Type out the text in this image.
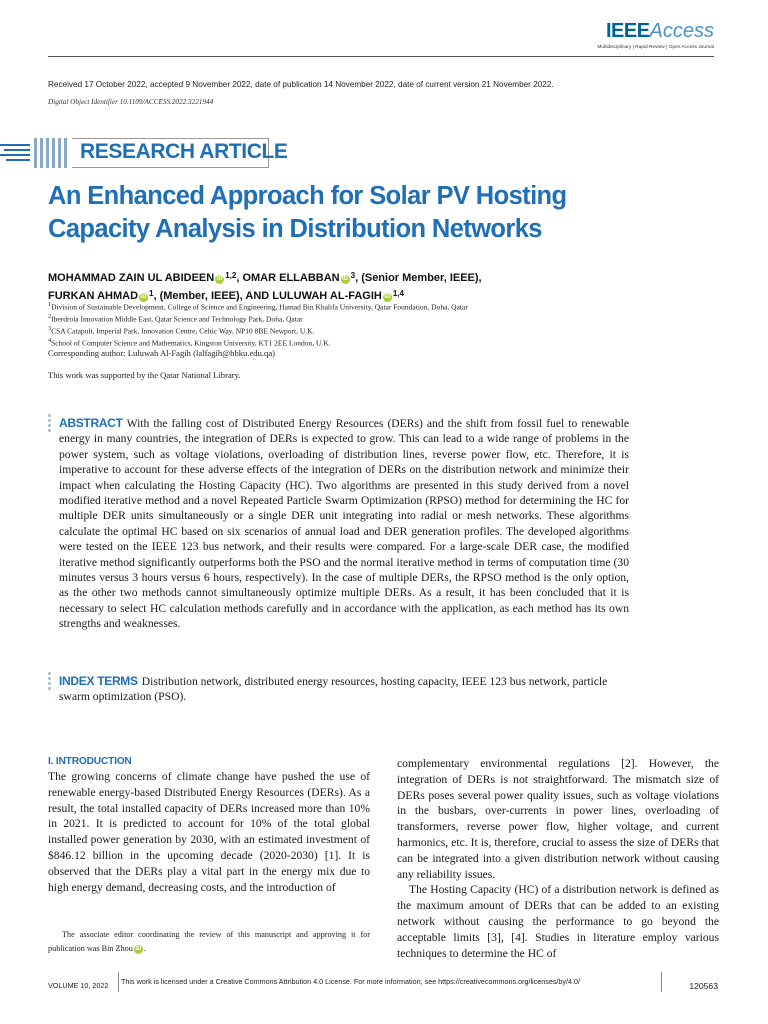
IEEEAccess
Multidisciplinary | Rapid Review | Open Access Journal
Received 17 October 2022, accepted 9 November 2022, date of publication 14 November 2022, date of current version 21 November 2022.
Digital Object Identifier 10.1109/ACCESS.2022.3221944
RESEARCH ARTICLE
An Enhanced Approach for Solar PV Hosting
Capacity Analysis in Distribution Networks
MOHAMMAD ZAIN UL ABIDEEN iD $^{1,2}$, OMAR ELLABBAN iD $^3$, (Senior Member, IEEE),
FURKAN AHMAD iD $^1$, (Member, IEEE), AND LULUWAH AL-FAGIH iD $^{1,4}$
$^1$Division of Sustainable Development, College of Science and Engineering, Hamad Bin Khalifa University, Qatar Foundation, Doha, Qatar
$^2$Iberdrola Innovation Middle East, Qatar Science and Technology Park, Doha, Qatar
$^3$CSA Catapult, Imperial Park, Innovation Centre, Celtic Way, NP10 8BE Newport, U.K.
$^4$School of Computer Science and Mathematics, Kingston University, KT1 2EE London, U.K.
Corresponding author: Luluwah Al-Fagih (lalfagih@hbku.edu.qa)
This work was supported by the Qatar National Library.
ABSTRACT With the falling cost of Distributed Energy Resources (DERs) and the shift from fossil fuel to renewable energy in many countries, the integration of DERs is expected to grow. This can lead to a wide range of problems in the power system, such as voltage violations, overloading of distribution lines, reverse power flow, etc. Therefore, it is imperative to account for these adverse effects of the integration of DERs on the distribution network and minimize their impact when calculating the Hosting Capacity (HC). Two algorithms are presented in this study derived from a novel modified iterative method and a novel Repeated Particle Swarm Optimization (RPSO) method for determining the HC for multiple DER units simultaneously or a single DER unit integrating into radial or mesh networks. These algorithms calculate the optimal HC based on six scenarios of annual load and DER generation profiles. The developed algorithms were tested on the IEEE 123 bus network, and their results were compared. For a large-scale DER case, the modified iterative method significantly outperforms both the PSO and the normal iterative method in terms of computation time (30 minutes versus 3 hours versus 6 hours, respectively). In the case of multiple DERs, the RPSO method is the only option, as the other two methods cannot simultaneously optimize multiple DERs. As a result, it has been concluded that it is necessary to select HC calculation methods carefully and in accordance with the application, as each method has its own strengths and weaknesses.
INDEX TERMS Distribution network, distributed energy resources, hosting capacity, IEEE 123 bus network, particle swarm optimization (PSO).
I. INTRODUCTION
The growing concerns of climate change have pushed the use of renewable energy-based Distributed Energy Resources (DERs). As a result, the total installed capacity of DERs increased more than 10% in 2021. It is predicted to account for 10% of the total global installed power generation by 2030, with an estimated investment of $846.12 billion in the upcoming decade (2020-2030) [1]. It is observed that the DERs play a vital part in the energy mix due to high energy demand, decreasing costs, and the introduction of
The associate editor coordinating the review of this manuscript and approving it for publication was Bin Zhou iD .
complementary environmental regulations [2]. However, the integration of DERs is not straightforward. The mismatch size of DERs poses several power quality issues, such as voltage violations in the busbars, over-currents in power lines, overloading of transformers, reverse power flow, higher voltage, and current harmonics, etc. It is, therefore, crucial to assess the size of DERs that can be integrated into a given distribution network without causing any reliability issues.
The Hosting Capacity (HC) of a distribution network is defined as the maximum amount of DERs that can be added to an existing network without causing the performance to go beyond the acceptable limits [3], [4]. Studies in literature employ various techniques to determine the HC of
VOLUME 10, 2022 This work is licensed under a Creative Commons Attribution 4.0 License. For more information, see https://creativecommons.org/licenses/by/4.0/	120563
